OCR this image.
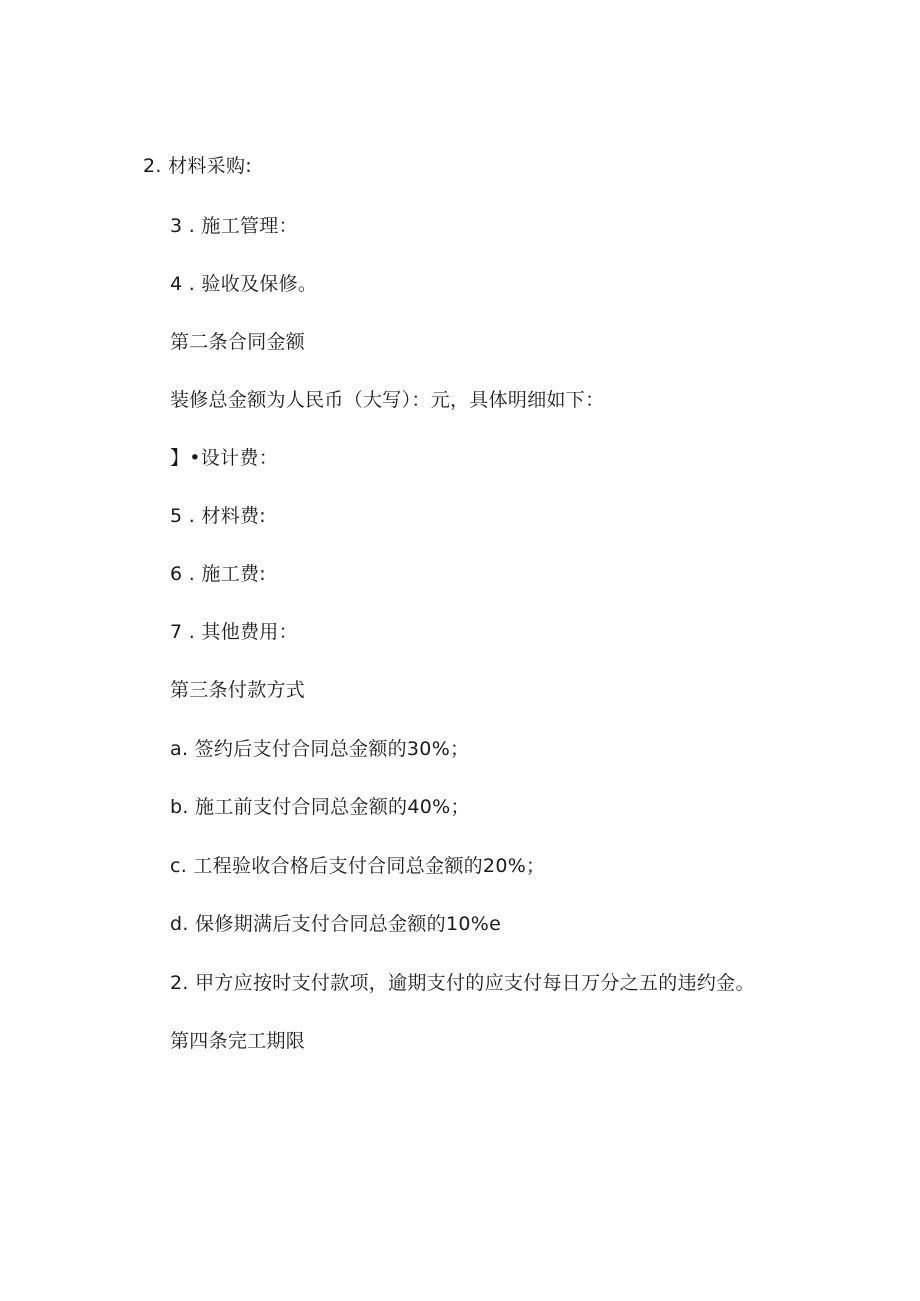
2. 材料采购:
3 . 施工管理：
4 . 验收及保修。
第二条合同金额
装修总金额为人民币（大写）：元，具体明细如下：
】•设计费：
5 . 材料费:
6 . 施工费:
7 . 其他费用：
第三条付款方式
a. 签约后支付合同总金额的30%；
b. 施工前支付合同总金额的40%；
c. 工程验收合格后支付合同总金额的20%；
d. 保修期满后支付合同总金额的10%e
2. 甲方应按时支付款项，逾期支付的应支付每日万分之五的违约金。
第四条完工期限
